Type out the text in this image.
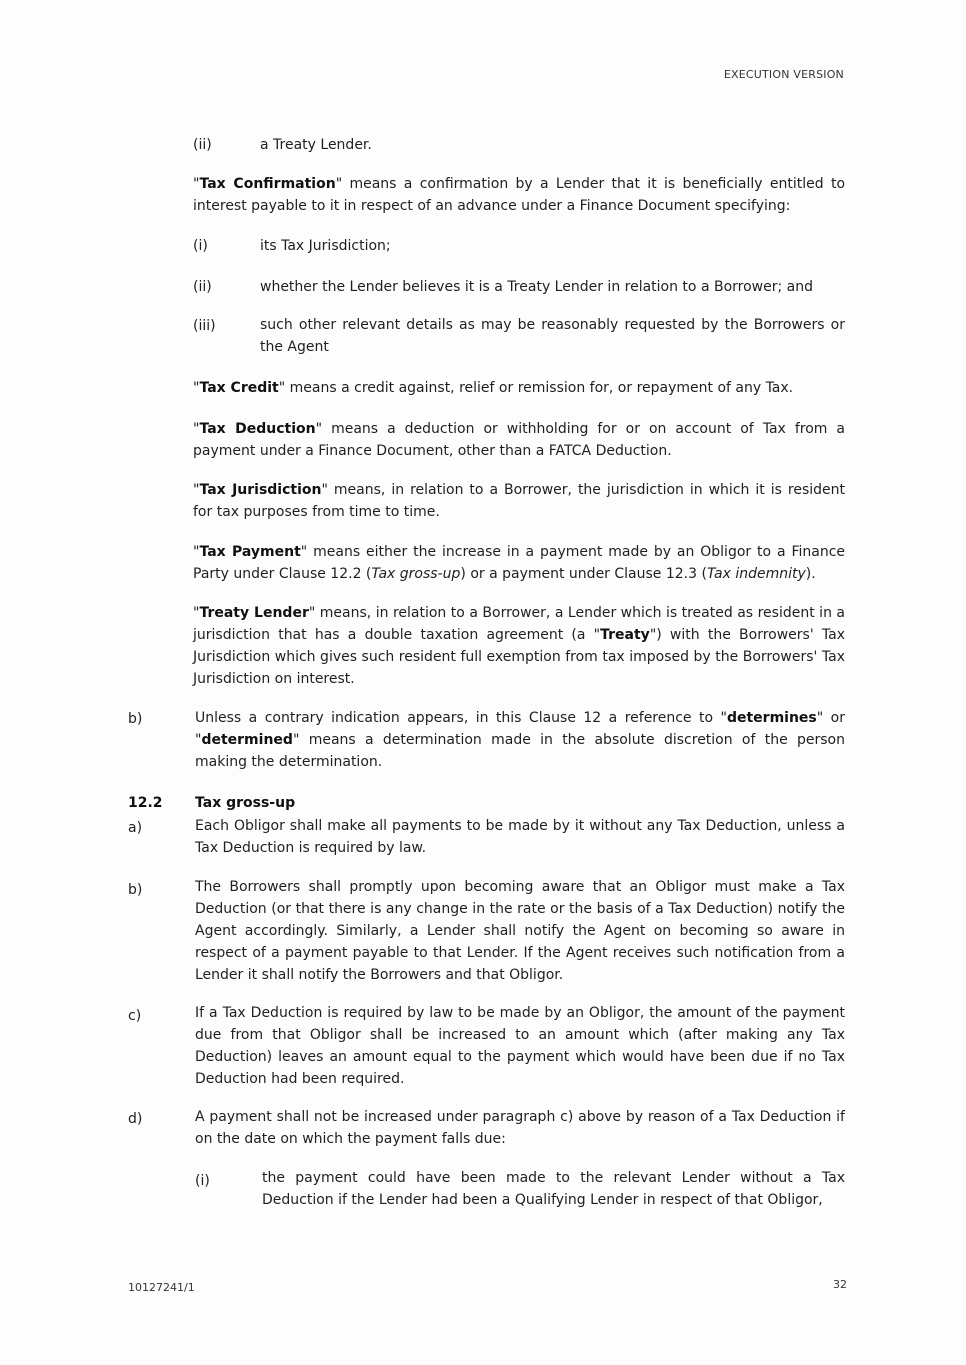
EXECUTION VERSION
(ii)	a Treaty Lender.

"Tax Confirmation" means a confirmation by a Lender that it is beneficially entitled to interest payable to it in respect of an advance under a Finance Document specifying:

(i)	its Tax Jurisdiction;
(ii)	whether the Lender believes it is a Treaty Lender in relation to a Borrower; and
(iii)	such other relevant details as may be reasonably requested by the Borrowers or the Agent

"Tax Credit" means a credit against, relief or remission for, or repayment of any Tax.

"Tax Deduction" means a deduction or withholding for or on account of Tax from a payment under a Finance Document, other than a FATCA Deduction.

"Tax Jurisdiction" means, in relation to a Borrower, the jurisdiction in which it is resident for tax purposes from time to time.

"Tax Payment" means either the increase in a payment made by an Obligor to a Finance Party under Clause 12.2 (Tax gross-up) or a payment under Clause 12.3 (Tax indemnity).

"Treaty Lender" means, in relation to a Borrower, a Lender which is treated as resident in a jurisdiction that has a double taxation agreement (a "Treaty") with the Borrowers' Tax Jurisdiction which gives such resident full exemption from tax imposed by the Borrowers' Tax Jurisdiction on interest.

b)	Unless a contrary indication appears, in this Clause 12 a reference to "determines" or "determined" means a determination made in the absolute discretion of the person making the determination.

12.2 Tax gross-up
a)	Each Obligor shall make all payments to be made by it without any Tax Deduction, unless a Tax Deduction is required by law.

b)	The Borrowers shall promptly upon becoming aware that an Obligor must make a Tax Deduction (or that there is any change in the rate or the basis of a Tax Deduction) notify the Agent accordingly. Similarly, a Lender shall notify the Agent on becoming so aware in respect of a payment payable to that Lender. If the Agent receives such notification from a Lender it shall notify the Borrowers and that Obligor.

c)	If a Tax Deduction is required by law to be made by an Obligor, the amount of the payment due from that Obligor shall be increased to an amount which (after making any Tax Deduction) leaves an amount equal to the payment which would have been due if no Tax Deduction had been required.

d)	A payment shall not be increased under paragraph c) above by reason of a Tax Deduction if on the date on which the payment falls due:

(i)	the payment could have been made to the relevant Lender without a Tax Deduction if the Lender had been a Qualifying Lender in respect of that Obligor,

10127241/1	32
